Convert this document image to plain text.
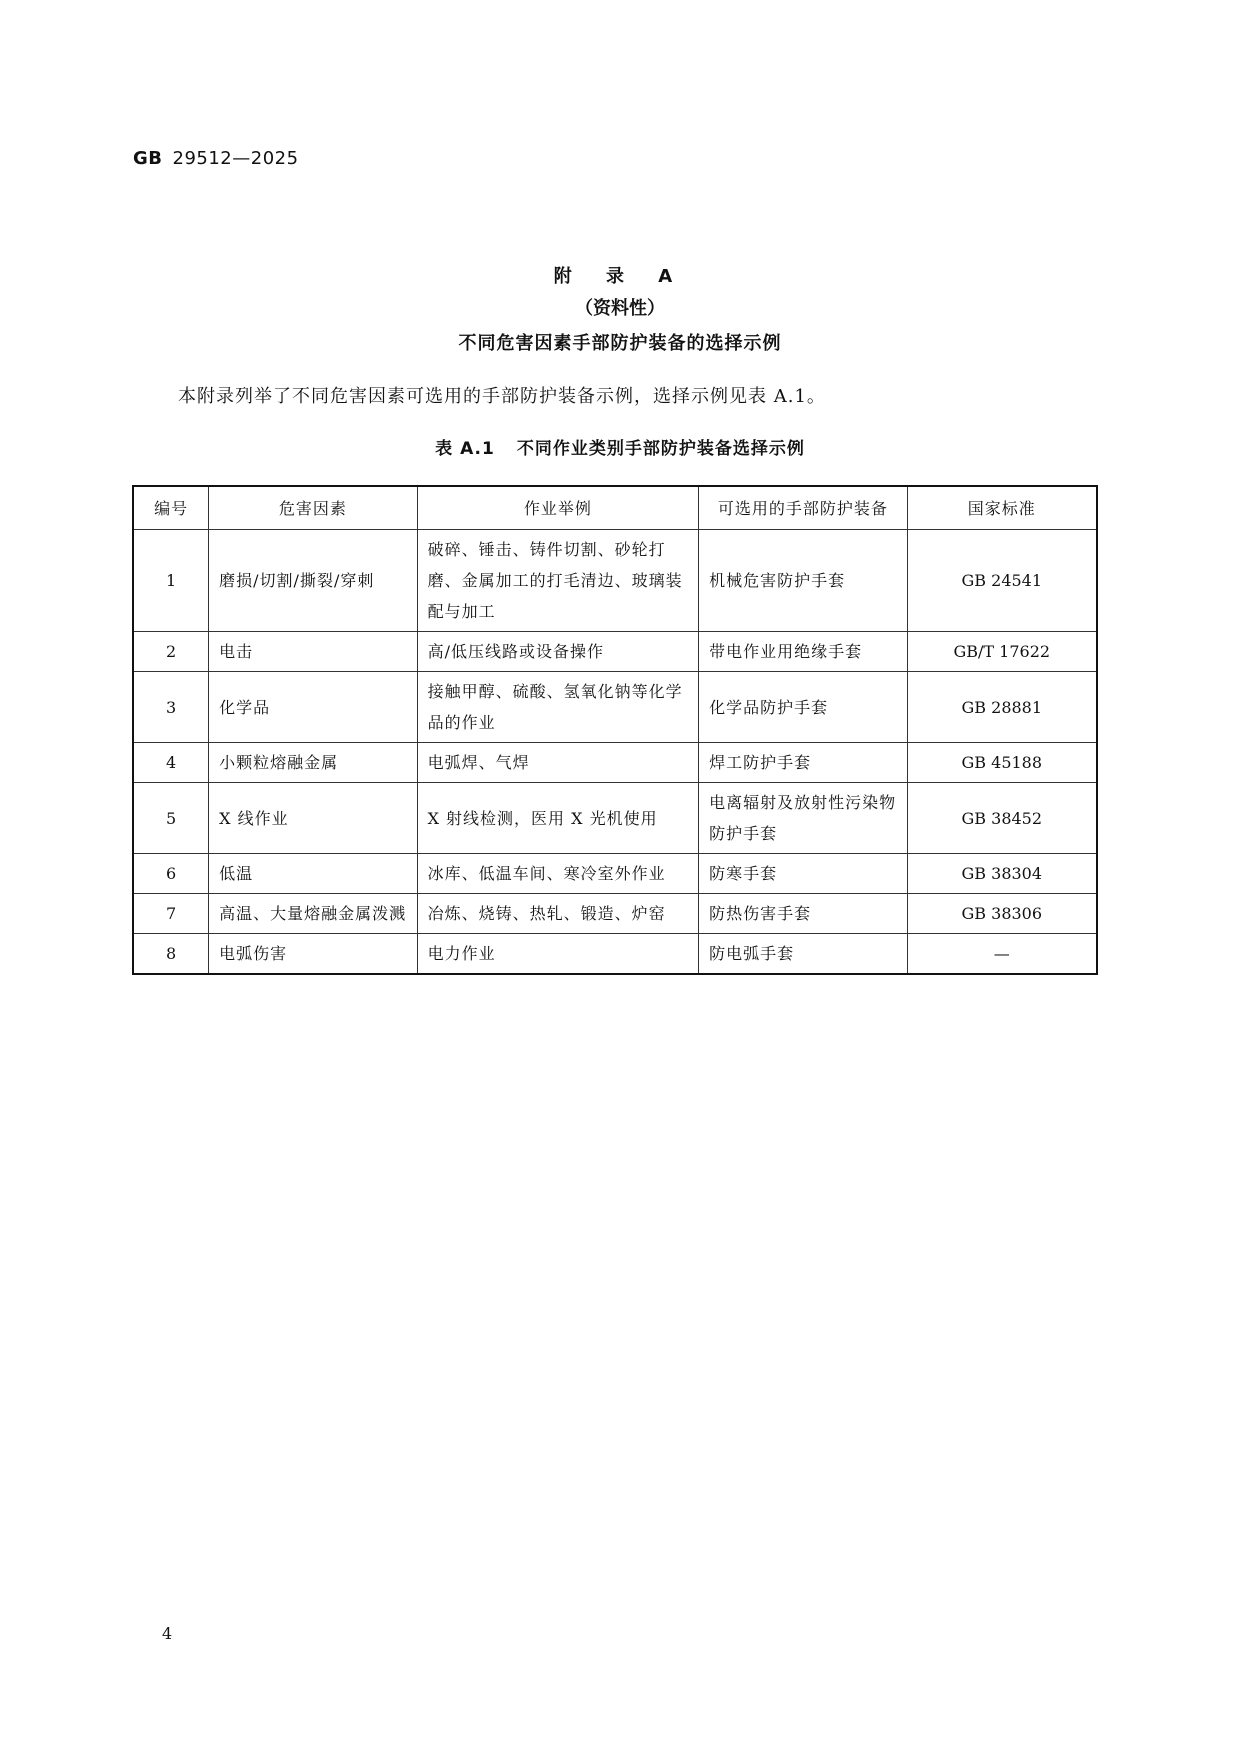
GB 29512—2025
附 录 A
（资料性）
不同危害因素手部防护装备的选择示例
本附录列举了不同危害因素可选用的手部防护装备示例，选择示例见表 A.1。
表 A.1 不同作业类别手部防护装备选择示例
编号	危害因素	作业举例	可选用的手部防护装备	国家标准
1	磨损/切割/撕裂/穿刺	破碎、锤击、铸件切割、砂轮打磨、金属加工的打毛清边、玻璃装配与加工	机械危害防护手套	GB 24541
2	电击	高/低压线路或设备操作	带电作业用绝缘手套	GB/T 17622
3	化学品	接触甲醇、硫酸、氢氧化钠等化学品的作业	化学品防护手套	GB 28881
4	小颗粒熔融金属	电弧焊、气焊	焊工防护手套	GB 45188
5	X 线作业	X 射线检测，医用 X 光机使用	电离辐射及放射性污染物防护手套	GB 38452
6	低温	冰库、低温车间、寒冷室外作业	防寒手套	GB 38304
7	高温、大量熔融金属泼溅	冶炼、烧铸、热轧、锻造、炉窑	防热伤害手套	GB 38306
8	电弧伤害	电力作业	防电弧手套	—
4
